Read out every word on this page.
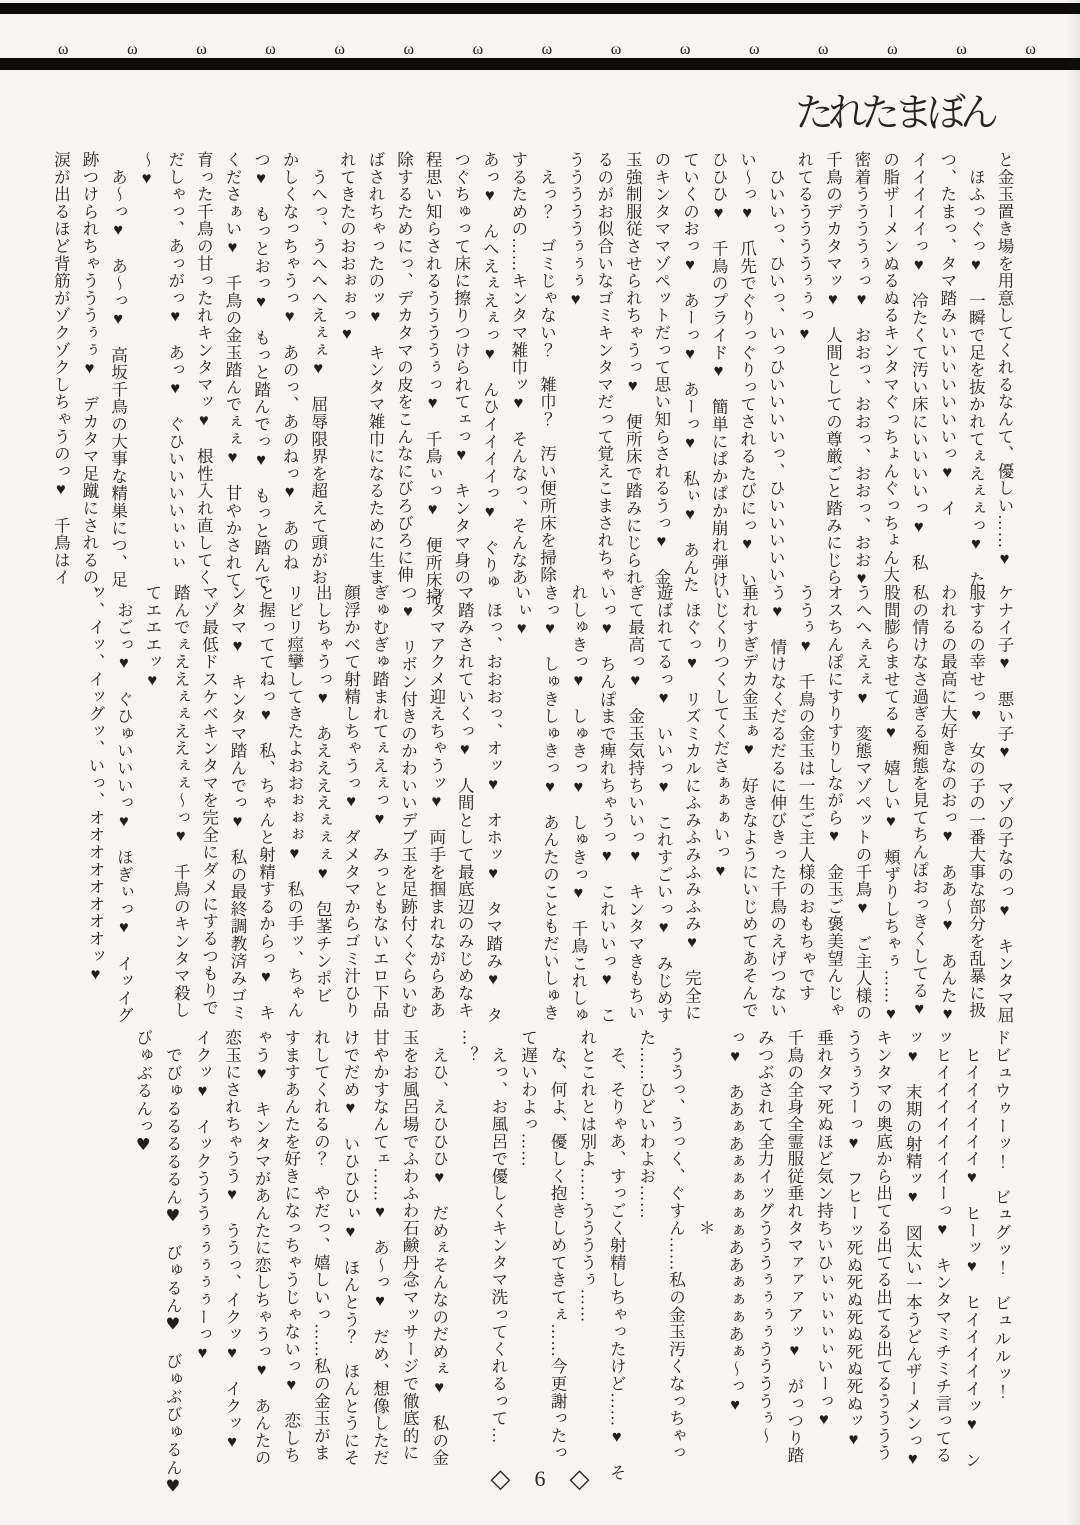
ω	ω	ω	ω	ω	ω	ω	ω	ω	ω	ω	ω	ω	ω	ω

たれたまぼん

と金玉置き場を用意してくれるなんて、優しい……♥

　ほふっぐっ♥　一瞬で足を抜かれてぇえぇぇっ♥　た

つ、たまっ、タマ踏みいいいいいいいっ♥　イ

イイイイイっ♥　冷たくて汚い床にいいいいっ♥　私

の脂ザーメンぬるぬるキンタマぐっちょんぐっちょん大

密着ううううぅっ♥　おおっ、おおっ、おおっ、おお♥

千鳥のデカタマッ♥　人間としての尊厳ごと踏みにじら

れてるううううぅぅっ♥

　ひいいっ、ひいっ、いっひいいいいっ、ひいいいいい

い～っ♥　爪先でぐりっぐりってされるたびにっ♥　い

ひひひ♥　千鳥のプライド♥　簡単にぱかぱか崩れ弾け

ていくのおっ♥　あーっ♥　あーっ♥　私ぃ♥　あんた

のキンタママゾペットだって思い知らされるうっ♥　金

玉強制服従させられちゃうっ♥　便所床で踏みにじられ

るのがお似合いなゴミキンタマだって覚えこまされちゃ

うううううぅぅぅ♥

　えっ？　ゴミじゃない？　雑巾？　汚い便所床を掃除

するための……キンタマ雑巾ッ♥　そんなっ、そんなあ

あっ♥　んへえぇえぇっ♥　んひイイイイっ♥　ぐりゅ

つぐちゅって床に擦りつけられてェっ♥　キンタマ身の

程思い知らされるううううぅっ♥　千鳥ぃっ♥　便所床掃

除するためにっ、デカタマの皮をこんなにびろびろに伸

ばされちゃったのッ♥　キンタマ雑巾になるために生ま

れてきたのおおぉぉっ♥

　うへっ、うへへへえぇぇ♥　屈辱限界を超えて頭がお

かしくなっちゃうっ♥　あのっ、あのねっ♥　あのね

つ♥　もっとおっ♥　もっと踏んでっ♥　もっと踏んで

くださぁい♥　千鳥の金玉踏んでぇぇ♥　甘やかされて

育った千鳥の甘ったれキンタマッ♥　根性入れ直してく

だしゃっ、あっがっ♥　あっ♥　ぐひいいいいぃぃぃ

～♥

　あ～っ♥　あ～っ♥　高坂千鳥の大事な精巣につ、足

跡つけられちゃうううぅぅ♥　デカタマ足蹴にされるの、

涙が出るほど背筋がゾクゾクしちゃうのっ♥　千鳥はイ

ケナイ子♥　悪い子♥　マゾの子なのっ♥　キンタマ屈

服するの幸せっ♥　女の子の一番大事な部分を乱暴に扱

われるの最高に大好きなのおっ♥　ああ～♥　あんた♥

私の情けなさ過ぎる痴態を見てちんぽおっきくしてる♥

股間膨らませてる♥　嬉しい♥　頬ずりしちゃぅ……♥

うへへぇえぇ♥　変態マゾペットの千鳥♥　ご主人様の

オスちんぽにすりすりしながら♥　金玉ご褒美望んじゃ

ううぅ♥　千鳥の金玉は一生ご主人様のおもちゃです

う♥　情けなくだるだるに伸びきった千鳥のえげつない

垂れすぎデカ金玉ぁ♥　好きなようにいじめてあそんで

いじくりつくしてくださぁぁぁいっ♥

　ほぐっ♥　リズミカルにふみふみふみふみ♥　完全に

遊ばれてるっ♥　いいっ♥　これすごいっ♥　みじめす

ぎて最高っ♥　金玉気持ちいいっ♥　キンタマきもちい

いっ♥　ちんぽまで痺れちゃうっ♥　これいいっ♥　こ

れしゅきっ♥　しゅきっ♥　しゅきっ♥　千鳥これしゅ

きっ♥　しゅきしゅきっ♥　あんたのこともだいしゅき

いぃ♥

　ほっ、おおおっ、オッ♥　オホッ♥　タマ踏み♥　タ

マ踏みされていくっ♥　人間として最底辺のみじめなキ

ンタマアクメ迎えちゃうッ♥　両手を掴まれながらああ

つ♥　リボン付きのかわいいデブ玉を足跡付くぐらいむ

ぎゅむぎゅ踏まれてぇえぇっ♥　みっともないエロ下品

顔浮かべて射精しちゃうっ♥　ダメタマからゴミ汁ひり

出しちゃうっ♥　あええええぇぇぇ♥　包茎チンポビ

リビリ痙攣してきたよおおぉぉぉ♥　私の手ッ、ちゃん

と握っててねっ♥　私、ちゃんと射精するからっ♥　キ

ンタマ♥　キンタマ踏んでっ♥　私の最終調教済みゴミ

マゾ最低ドスケベキンタマを完全にダメにするつもりで

踏んでぇええぇぇええぇぇ～っ♥　千鳥のキンタマ殺し

てエエエッ♥

　おごっ♥　ぐひゅいいいっ♥　ほぎぃっ♥　イッイグ

ッ、イッ、イッグッ、いっ、オオオオオオオオッ♥

ドビュウゥーッ！　ビュグッ！　ビュルルッ！

　ヒイイイイイイ♥　ヒーッ♥　ヒイイイイイッ♥　ン

ッヒイイイイイイイーっ♥　キンタマミチミチ言ってる

ッ♥　末期の射精ッ♥　図太い一本うどんザーメンっ♥

キンタマの奥底から出てる出てる出てる出てるうううう

ううぅうーっ♥　フヒーッ死ぬ死ぬ死ぬ死ぬ死ぬッ♥

垂れタマ死ぬほど気ン持ちいひぃぃぃぃぃいーっ♥

千鳥の全身全霊服従垂れタマァァァアッ♥　がっつり踏

みつぶされて全力イッグうううぅぅぅぅううううぅ～

っ♥　ああぁあぁぁぁぁぁああぁぁぁあぁ～っ♥

　　　　　　　　　　　＊

　ううっ、うっく、ぐすん……私の金玉汚くなっちゃっ

た……ひどいわよお……

　そ、そりゃあ、すっごく射精しちゃったけど……♥　そ

れとこれとは別よ……ううううぅ……

　な、何よ、優しく抱きしめてきてぇ……今更謝ったっ

て遅いわよっ……

　えっ、お風呂で優しくキンタマ洗ってくれるって…

…？

　えひ、えひひひ♥　だめぇそんなのだめぇ♥　私の金

玉をお風呂場でふわふわ石鹸丹念マッサージで徹底的に

甘やかすなんてェ……♥　あ～っ♥　だめ、想像しただ

けでだめ♥　いひひひぃ♥　ほんとう？　ほんとうにそ

れしてくれるの？　やだっ、嬉しいっ……私の金玉がま

すますあんたを好きになっちゃうじゃないっ♥　恋しち

ゃう♥　キンタマがあんたに恋しちゃうっ♥　あんたの

恋玉にされちゃうう♥　ううっ、イクッ♥　イクッ♥

イクッ♥　イックうううぅぅぅぅぅーっ♥

　でびゅるるるるるん♥　びゅるん♥　びゅぶびゅるん♥

びゅぶるんっ♥

◇ 6 ◇
